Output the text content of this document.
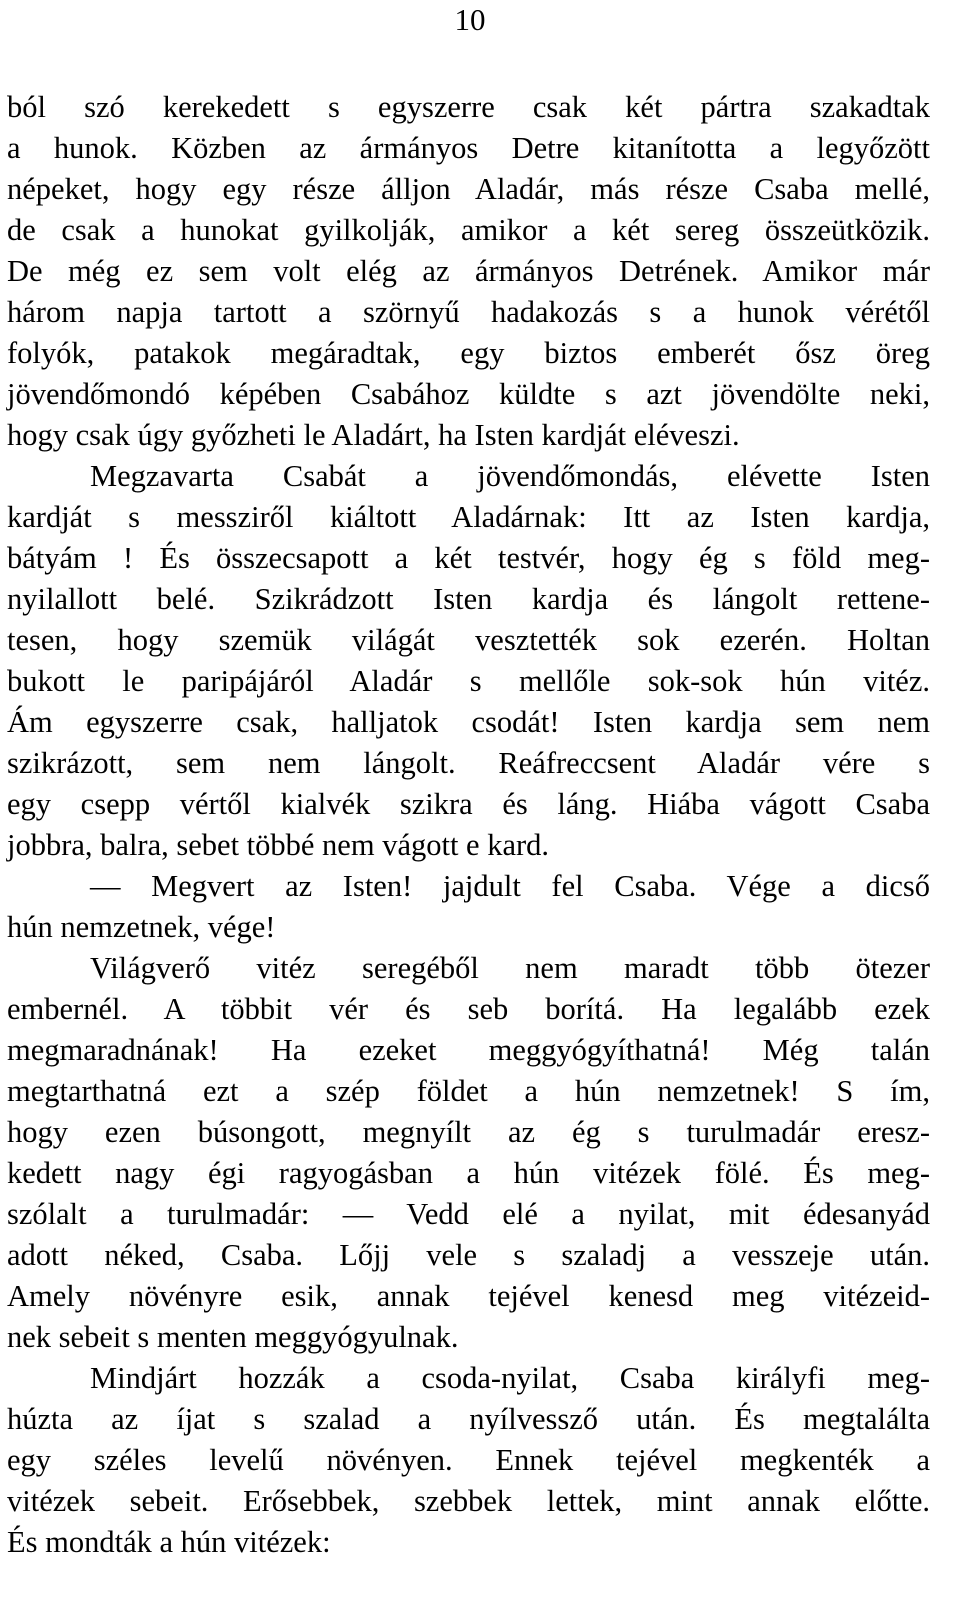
10
ból szó kerekedett s egyszerre csak két pártra szakadtak
a hunok. Közben az ármányos Detre kitanította a legyőzött
népeket, hogy egy része álljon Aladár, más része Csaba mellé,
de csak a hunokat gyilkolják, amikor a két sereg összeütközik.
De még ez sem volt elég az ármányos Detrének. Amikor már
három napja tartott a szörnyű hadakozás s a hunok vérétől
folyók, patakok megáradtak, egy biztos emberét ősz öreg
jövendőmondó képében Csabához küldte s azt jövendölte neki,
hogy csak úgy győzheti le Aladárt, ha Isten kardját eléveszi.
Megzavarta Csabát a jövendőmondás, elévette Isten
kardját s messziről kiáltott Aladárnak: Itt az Isten kardja,
bátyám ! És összecsapott a két testvér, hogy ég s föld meg-
nyilallott belé. Szikrádzott Isten kardja és lángolt rettene-
tesen, hogy szemük világát vesztették sok ezerén. Holtan
bukott le paripájáról Aladár s mellőle sok-sok hún vitéz.
Ám egyszerre csak, halljatok csodát! Isten kardja sem nem
szikrázott, sem nem lángolt. Reáfreccsent Aladár vére s
egy csepp vértől kialvék szikra és láng. Hiába vágott Csaba
jobbra, balra, sebet többé nem vágott e kard.
— Megvert az Isten! jajdult fel Csaba. Vége a dicső
hún nemzetnek, vége!
Világverő vitéz seregéből nem maradt több ötezer
embernél. A többit vér és seb borítá. Ha legalább ezek
megmaradnának! Ha ezeket meggyógyíthatná! Még talán
megtarthatná ezt a szép földet a hún nemzetnek! S ím,
hogy ezen búsongott, megnyílt az ég s turulmadár eresz-
kedett nagy égi ragyogásban a hún vitézek fölé. És meg-
szólalt a turulmadár: — Vedd elé a nyilat, mit édesanyád
adott néked, Csaba. Lőjj vele s szaladj a vesszeje után.
Amely növényre esik, annak tejével kenesd meg vitézeid-
nek sebeit s menten meggyógyulnak.
Mindjárt hozzák a csoda-nyilat, Csaba királyfi meg-
húzta az íjat s szalad a nyílvessző után. És megtalálta
egy széles levelű növényen. Ennek tejével megkenték a
vitézek sebeit. Erősebbek, szebbek lettek, mint annak előtte.
És mondták a hún vitézek:
